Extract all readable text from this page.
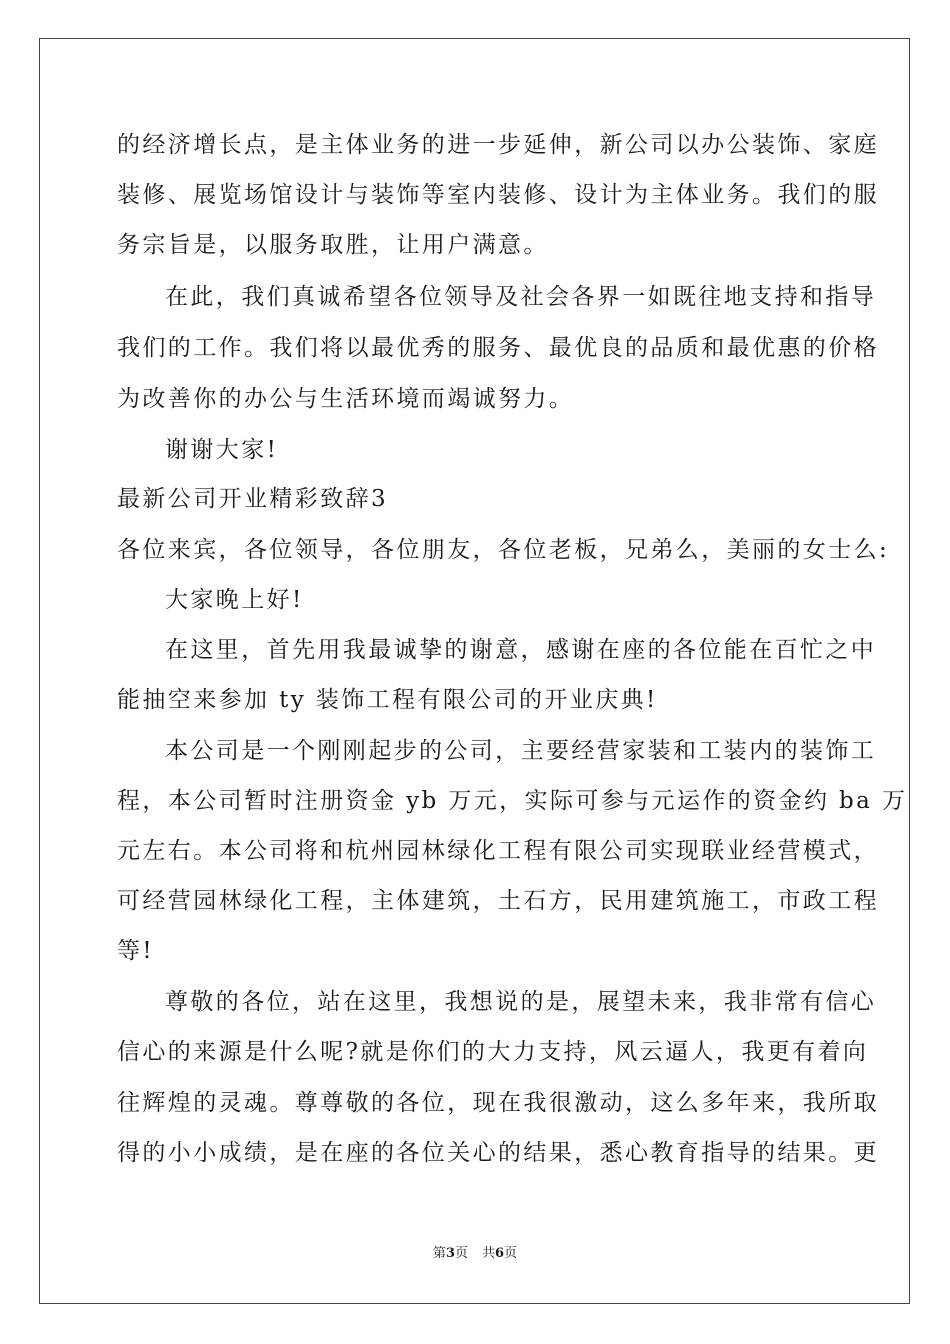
的经济增长点，是主体业务的进一步延伸，新公司以办公装饰、家庭
装修、展览场馆设计与装饰等室内装修、设计为主体业务。我们的服
务宗旨是，以服务取胜，让用户满意。
在此，我们真诚希望各位领导及社会各界一如既往地支持和指导
我们的工作。我们将以最优秀的服务、最优良的品质和最优惠的价格
为改善你的办公与生活环境而竭诚努力。
谢谢大家!
最新公司开业精彩致辞3
各位来宾，各位领导，各位朋友，各位老板，兄弟么，美丽的女士么:
大家晚上好!
在这里，首先用我最诚挚的谢意，感谢在座的各位能在百忙之中
能抽空来参加 ty 装饰工程有限公司的开业庆典!
本公司是一个刚刚起步的公司，主要经营家装和工装内的装饰工
程，本公司暂时注册资金 yb 万元，实际可参与元运作的资金约 ba 万
元左右。本公司将和杭州园林绿化工程有限公司实现联业经营模式，
可经营园林绿化工程，主体建筑，土石方，民用建筑施工，市政工程
等!
尊敬的各位，站在这里，我想说的是，展望未来，我非常有信心
信心的来源是什么呢?就是你们的大力支持，风云逼人，我更有着向
往辉煌的灵魂。尊尊敬的各位，现在我很激动，这么多年来，我所取
得的小小成绩，是在座的各位关心的结果，悉心教育指导的结果。更
第3页 共6页
